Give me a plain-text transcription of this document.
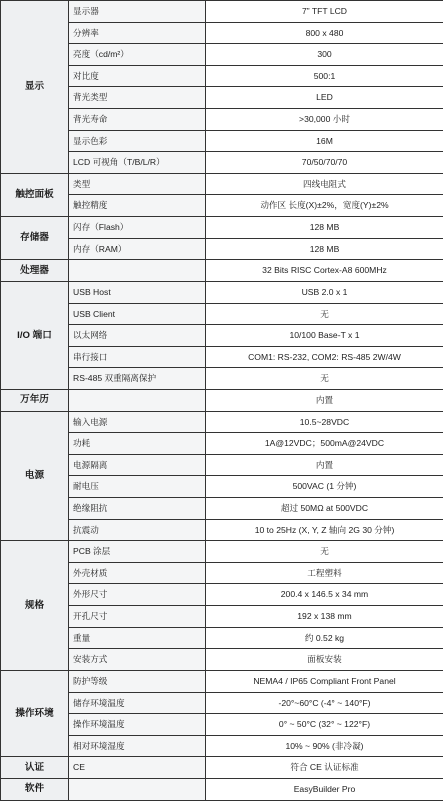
显示	显示器	7” TFT LCD
	分辨率	800 x 480
	亮度（cd/m²）	300
	对比度	500:1
	背光类型	LED
	背光寿命	>30,000 小时
	显示色彩	16M
	LCD 可视角（T/B/L/R）	70/50/70/70
触控面板	类型	四线电阻式
	触控精度	动作区 长度(X)±2%，宽度(Y)±2%
存储器	闪存（Flash）	128 MB
	内存（RAM）	128 MB
处理器		32 Bits RISC Cortex-A8 600MHz
I/O 端口	USB Host	USB 2.0 x 1
	USB Client	无
	以太网络	10/100 Base-T x 1
	串行接口	COM1: RS-232, COM2: RS-485 2W/4W
	RS-485 双重隔离保护	无
万年历		内置
电源	输入电源	10.5~28VDC
	功耗	1A@12VDC；500mA@24VDC
	电源隔离	内置
	耐电压	500VAC (1 分钟)
	绝缘阻抗	超过 50MΩ at 500VDC
	抗震动	10 to 25Hz (X, Y, Z 轴向 2G 30 分钟)
规格	PCB 涂层	无
	外壳材质	工程塑料
	外形尺寸	200.4 x 146.5 x 34 mm
	开孔尺寸	192 x 138 mm
	重量	约 0.52 kg
	安装方式	面板安装
操作环境	防护等级	NEMA4 / IP65 Compliant Front Panel
	储存环境温度	-20°~60°C (-4° ~ 140°F)
	操作环境温度	0° ~ 50°C (32° ~ 122°F)
	相对环境湿度	10% ~ 90% (非冷凝)
认证	CE	符合 CE 认证标准
软件		EasyBuilder Pro
